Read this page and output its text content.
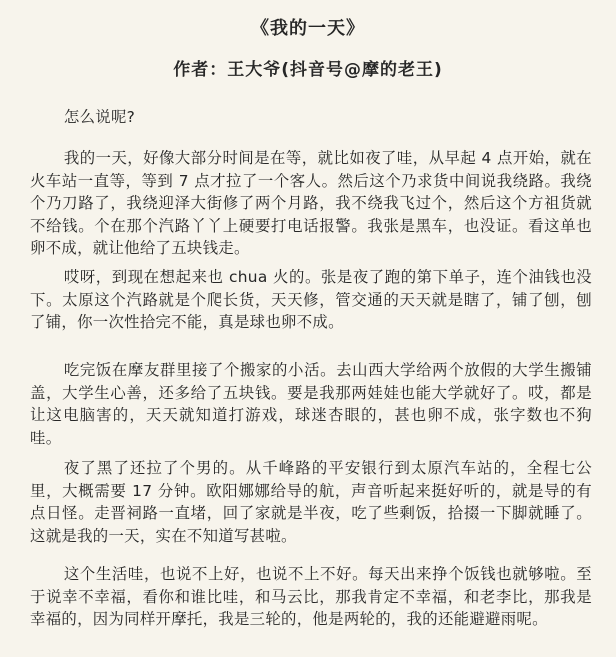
《我的一天》
作者：王大爷(抖音号@摩的老王)

怎么说呢?

我的一天，好像大部分时间是在等，就比如夜了哇，从早起 4 点开始，就在火车站一直等，等到 7 点才拉了一个客人。然后这个乃求货中间说我绕路。我绕个乃刀路了，我绕迎泽大街修了两个月路，我不绕我飞过个，然后这个方祖货就不给钱。个在那个汽路丫丫上硬要打电话报警。我张是黑车，也没证。看这单也卵不成，就让他给了五块钱走。

哎呀，到现在想起来也 chua 火的。张是夜了跑的第下单子，连个油钱也没下。太原这个汽路就是个爬长货，天天修，管交通的天天就是瞎了，铺了刨，刨了铺，你一次性拾完不能，真是球也卵不成。

吃完饭在摩友群里接了个搬家的小活。去山西大学给两个放假的大学生搬铺盖，大学生心善，还多给了五块钱。要是我那两娃娃也能大学就好了。哎，都是让这电脑害的，天天就知道打游戏，球迷杏眼的，甚也卵不成，张字数也不狗哇。

夜了黑了还拉了个男的。从千峰路的平安银行到太原汽车站的，全程七公里，大概需要 17 分钟。欧阳娜娜给导的航，声音听起来挺好听的，就是导的有点日怪。走晋祠路一直堵，回了家就是半夜，吃了些剩饭，拾掇一下脚就睡了。这就是我的一天，实在不知道写甚啦。

这个生活哇，也说不上好，也说不上不好。每天出来挣个饭钱也就够啦。至于说幸不幸福，看你和谁比哇，和马云比，那我肯定不幸福，和老李比，那我是幸福的，因为同样开摩托，我是三轮的，他是两轮的，我的还能避避雨呢。
